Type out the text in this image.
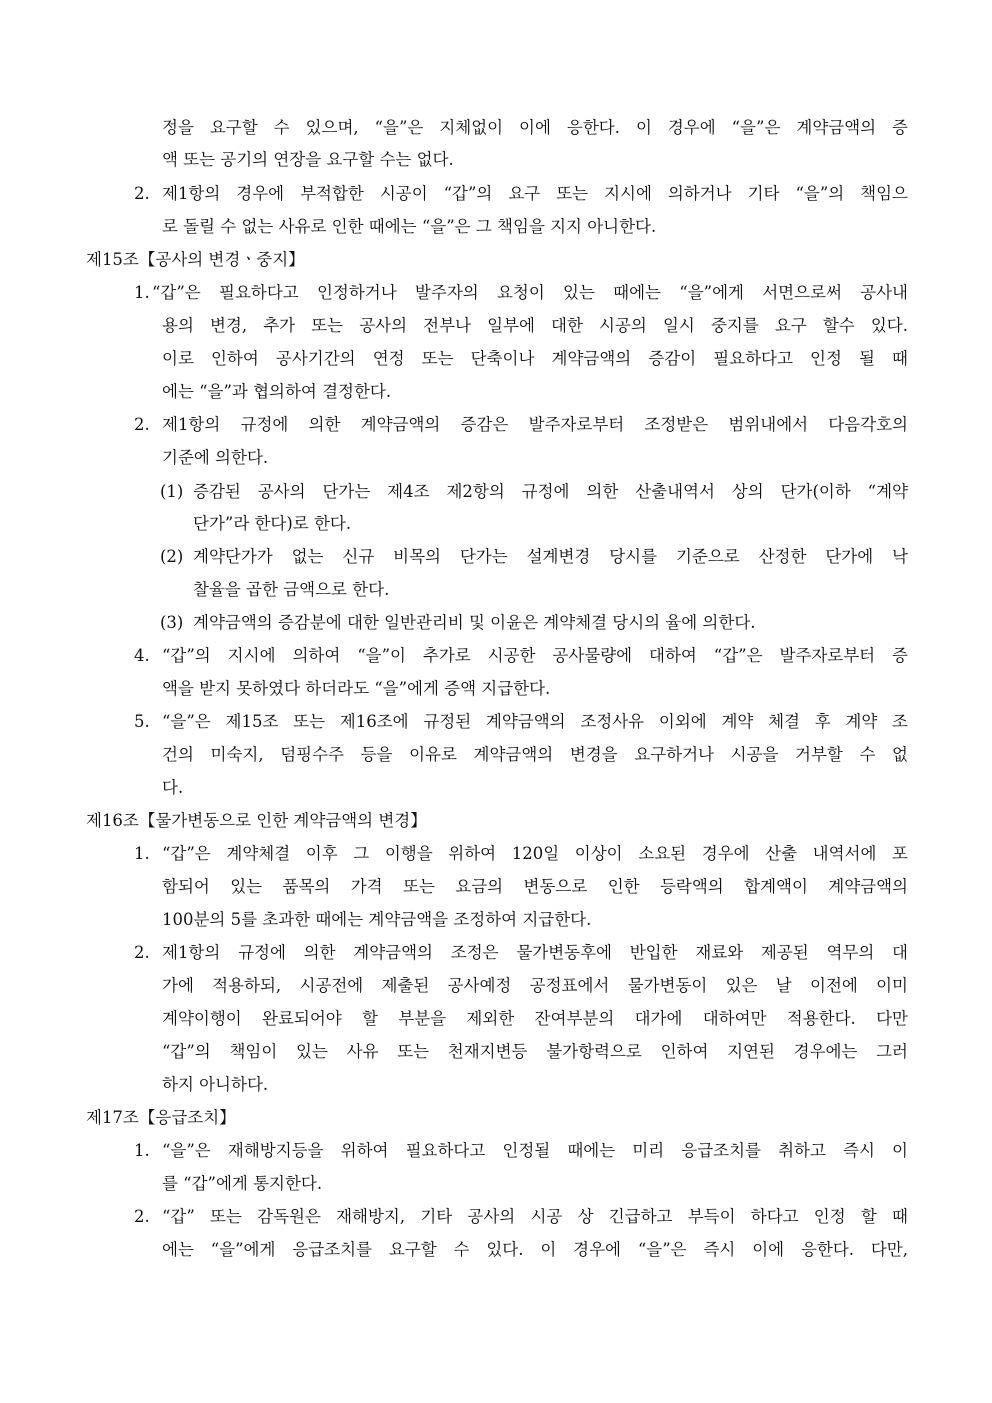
정을 요구할 수 있으며, “을”은 지체없이 이에 응한다. 이 경우에 “을”은 계약금액의 증
액 또는 공기의 연장을 요구할 수는 없다.
2. 제1항의 경우에 부적합한 시공이 “갑”의 요구 또는 지시에 의하거나 기타 “을”의 책임으
로 돌릴 수 없는 사유로 인한 때에는 “을”은 그 책임을 지지 아니한다.
제15조【공사의 변경ㆍ중지】
1. “갑”은 필요하다고 인정하거나 발주자의 요청이 있는 때에는 “을”에게 서면으로써 공사내
용의 변경, 추가 또는 공사의 전부나 일부에 대한 시공의 일시 중지를 요구 할수 있다.
이로 인하여 공사기간의 연정 또는 단축이나 계약금액의 증감이 필요하다고 인정 될 때
에는 “을”과 협의하여 결정한다.
2. 제1항의 규정에 의한 계약금액의 증감은 발주자로부터 조정받은 범위내에서 다음각호의
기준에 의한다.
(1) 증감된 공사의 단가는 제4조 제2항의 규정에 의한 산출내역서 상의 단가(이하 “계약
단가”라 한다)로 한다.
(2) 계약단가가 없는 신규 비목의 단가는 설계변경 당시를 기준으로 산정한 단가에 낙
찰율을 곱한 금액으로 한다.
(3) 계약금액의 증감분에 대한 일반관리비 및 이윤은 계약체결 당시의 율에 의한다.
4. “갑”의 지시에 의하여 “을”이 추가로 시공한 공사물량에 대하여 “갑”은 발주자로부터 증
액을 받지 못하였다 하더라도 “을”에게 증액 지급한다.
5. “을”은 제15조 또는 제16조에 규정된 계약금액의 조정사유 이외에 계약 체결 후 계약 조
건의 미숙지, 덤핑수주 등을 이유로 계약금액의 변경을 요구하거나 시공을 거부할 수 없
다.
제16조【물가변동으로 인한 계약금액의 변경】
1. “갑”은 계약체결 이후 그 이행을 위하여 120일 이상이 소요된 경우에 산출 내역서에 포
함되어 있는 품목의 가격 또는 요금의 변동으로 인한 등락액의 합계액이 계약금액의
100분의 5를 초과한 때에는 계약금액을 조정하여 지급한다.
2. 제1항의 규정에 의한 계약금액의 조정은 물가변동후에 반입한 재료와 제공된 역무의 대
가에 적용하되, 시공전에 제출된 공사예정 공정표에서 물가변동이 있은 날 이전에 이미
계약이행이 완료되어야 할 부분을 제외한 잔여부분의 대가에 대하여만 적용한다. 다만
“갑”의 책임이 있는 사유 또는 천재지변등 불가항력으로 인하여 지연된 경우에는 그러
하지 아니하다.
제17조【응급조치】
1. “을”은 재해방지등을 위하여 필요하다고 인정될 때에는 미리 응급조치를 취하고 즉시 이
를 “갑”에게 통지한다.
2. “갑” 또는 감독원은 재해방지, 기타 공사의 시공 상 긴급하고 부득이 하다고 인정 할 때
에는 “을”에게 응급조치를 요구할 수 있다. 이 경우에 “을”은 즉시 이에 응한다. 다만,
